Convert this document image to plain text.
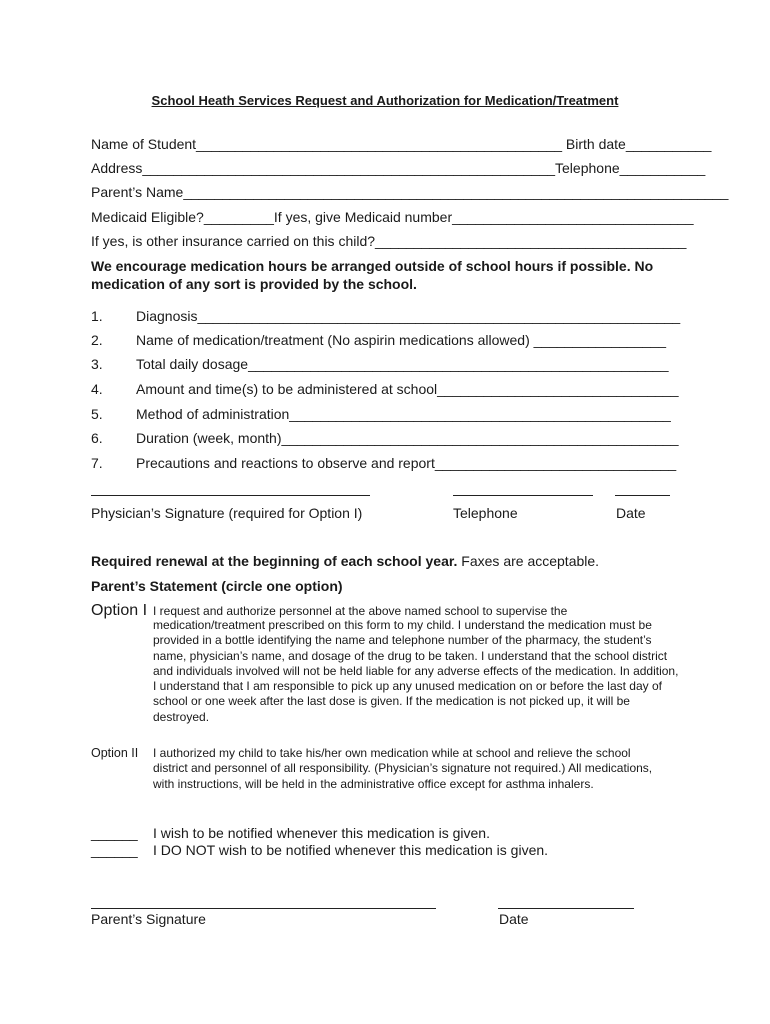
School Heath Services Request and Authorization for Medication/Treatment
Name of Student_______________________________________________ Birth date___________
Address_____________________________________________________Telephone___________
Parent’s Name______________________________________________________________________
Medicaid Eligible?_________If yes, give Medicaid number_______________________________
If yes, is other insurance carried on this child?________________________________________
We encourage medication hours be arranged outside of school hours if possible. No
medication of any sort is provided by the school.
1. Diagnosis______________________________________________________________
2. Name of medication/treatment (No aspirin medications allowed) _________________
3. Total daily dosage______________________________________________________
4. Amount and time(s) to be administered at school_______________________________
5. Method of administration_________________________________________________
6. Duration (week, month)___________________________________________________
7. Precautions and reactions to observe and report_______________________________
Physician’s Signature (required for Option I)	Telephone	Date
Required renewal at the beginning of each school year. Faxes are acceptable.
Parent’s Statement (circle one option)
Option I I request and authorize personnel at the above named school to supervise the
medication/treatment prescribed on this form to my child. I understand the medication must be provided in a bottle identifying the name and telephone number of the pharmacy, the student’s name, physician’s name, and dosage of the drug to be taken. I understand that the school district and individuals involved will not be held liable for any adverse effects of the medication. In addition, I understand that I am responsible to pick up any unused medication on or before the last day of school or one week after the last dose is given. If the medication is not picked up, it will be destroyed.
Option II I authorized my child to take his/her own medication while at school and relieve the school district and personnel of all responsibility. (Physician’s signature not required.) All medications, with instructions, will be held in the administrative office except for asthma inhalers.
______ I wish to be notified whenever this medication is given.
______ I DO NOT wish to be notified whenever this medication is given.
Parent’s Signature	Date
